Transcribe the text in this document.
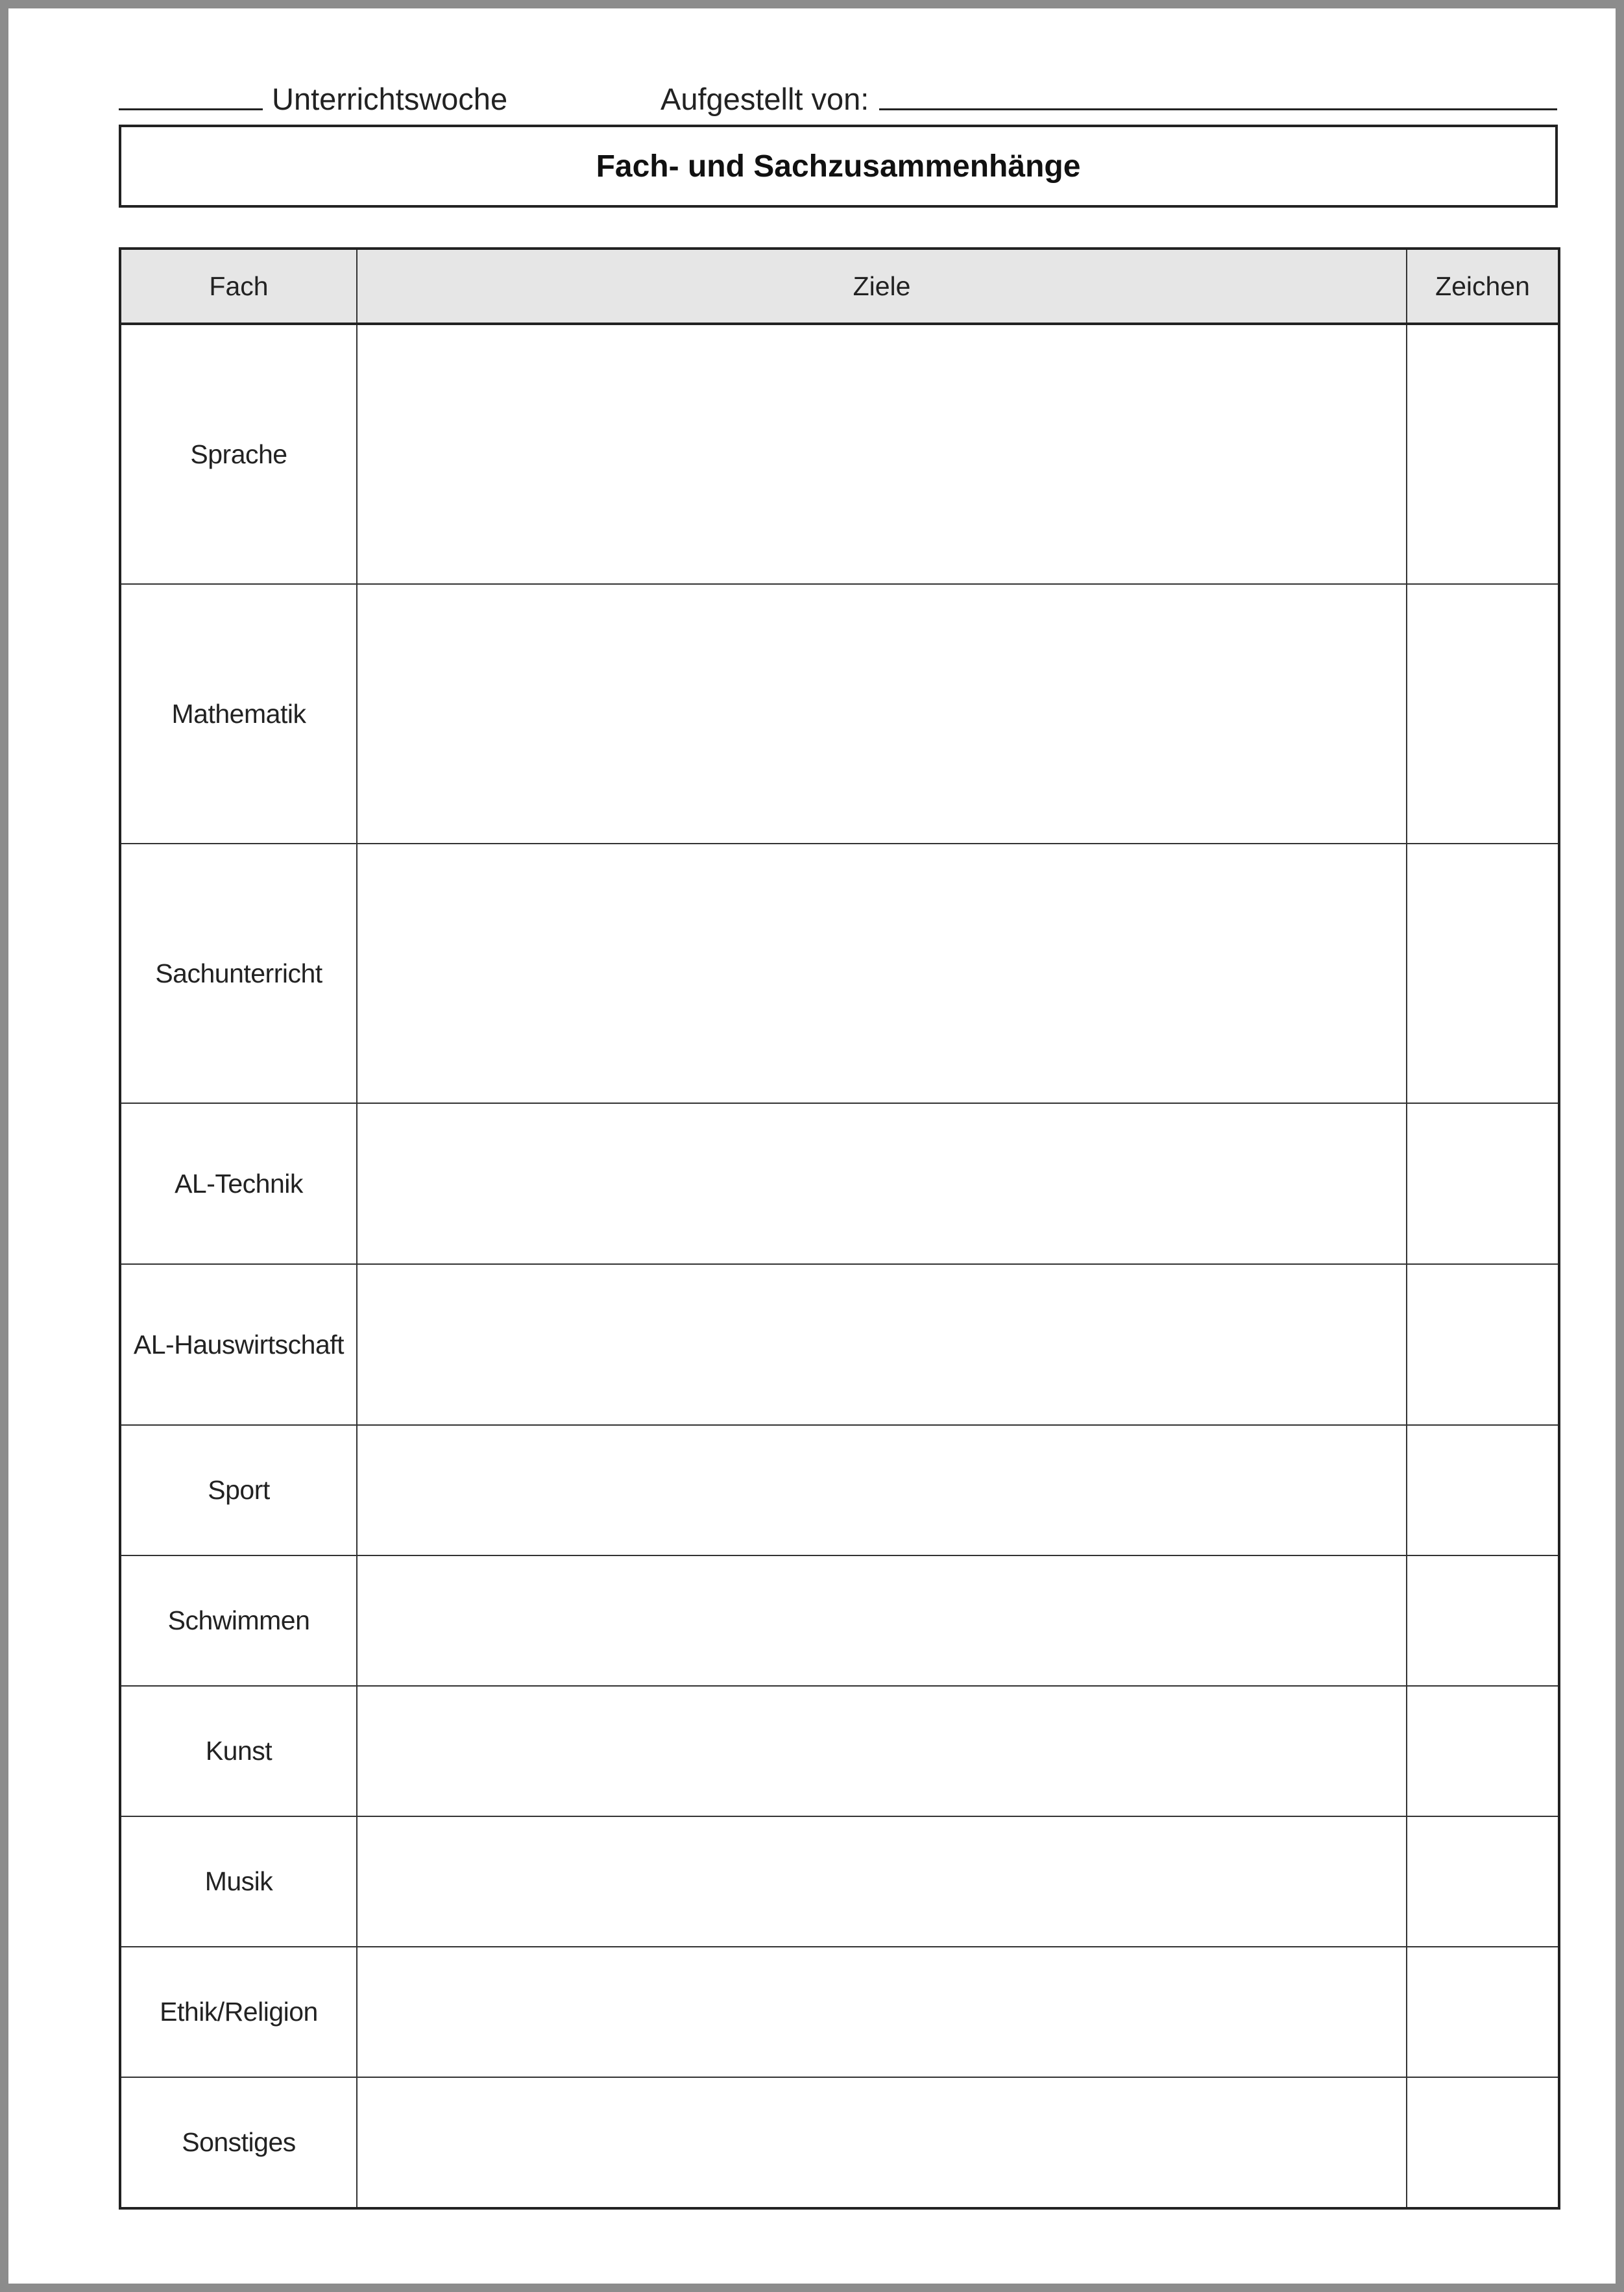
Unterrichtswoche	Aufgestellt von:
Fach- und Sachzusammenhänge
Fach	Ziele	Zeichen
Sprache		
Mathematik		
Sachunterricht		
AL-Technik		
AL-Hauswirtschaft		
Sport		
Schwimmen		
Kunst		
Musik		
Ethik/Religion		
Sonstiges		
